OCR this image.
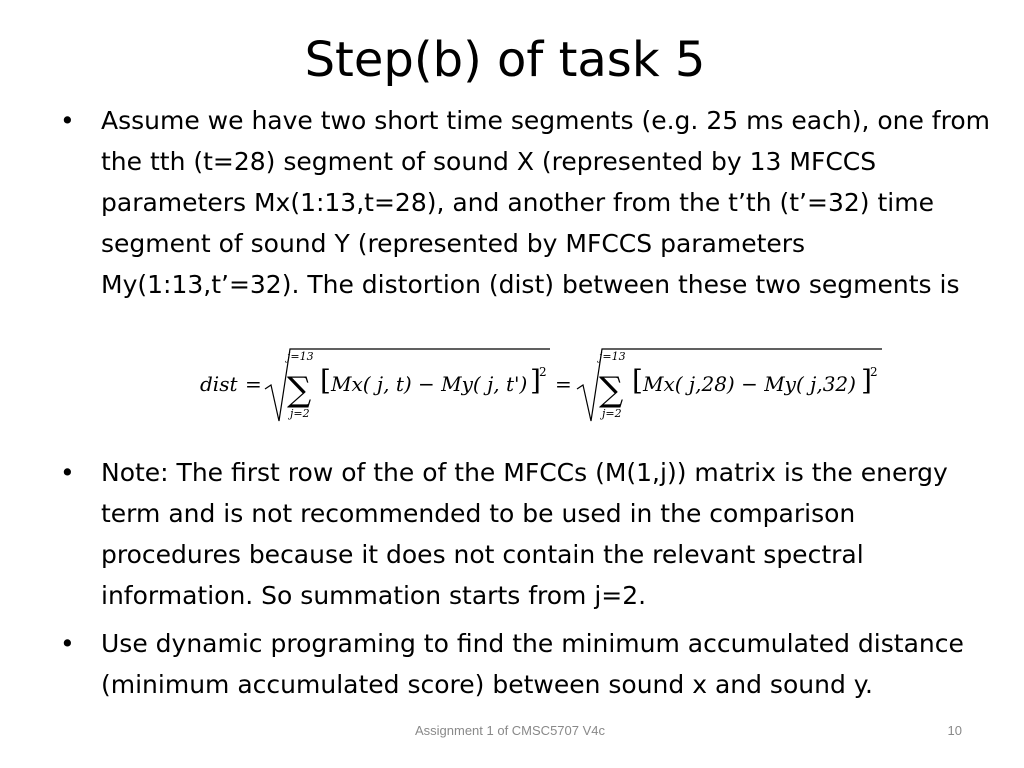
Step(b) of task 5
• Assume we have two short time segments (e.g. 25 ms each), one from the tth (t=28) segment of sound X (represented by 13 MFCCS parameters Mx(1:13,t=28), and another from the t’th (t’=32) time segment of sound Y (represented by MFCCS parameters My(1:13,t’=32). The distortion (dist) between these two segments is
• Note: The first row of the of the MFCCs (M(1,j)) matrix is the energy term and is not recommended to be used in the comparison procedures because it does not contain the relevant spectral information. So summation starts from j=2.
• Use dynamic programing to find the minimum accumulated distance (minimum accumulated score) between sound x and sound y.
dist =
j=13
∑
j=2
[ Mx( j, t) − My( j, t') ]
2 =
j=13
∑
j=2
[ Mx( j,28) − My( j,32) ]
2
Assignment 1 of CMSC5707 V4c	10
